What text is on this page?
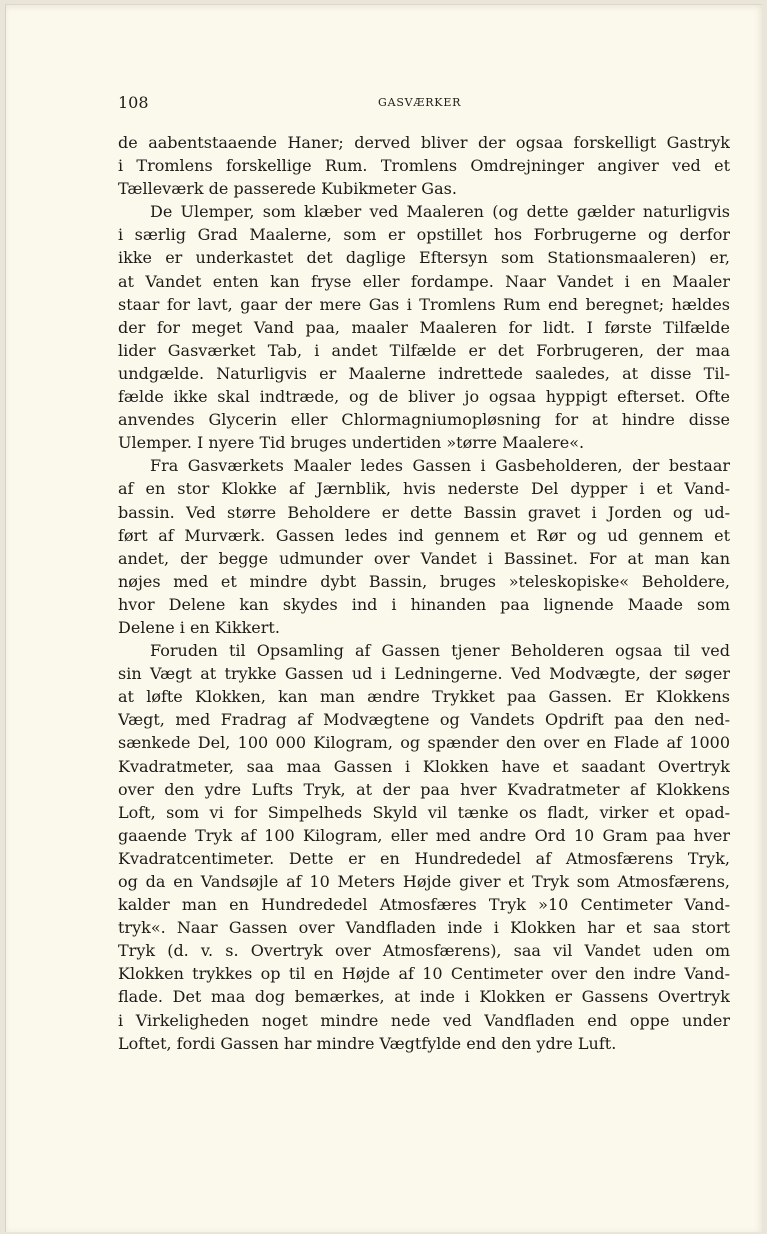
108	GASVÆRKER
de aabentstaaende Haner; derved bliver der ogsaa forskelligt Gastryk
i Tromlens forskellige Rum. Tromlens Omdrejninger angiver ved et
Tælleværk de passerede Kubikmeter Gas.
De Ulemper, som klæber ved Maaleren (og dette gælder naturligvis
i særlig Grad Maalerne, som er opstillet hos Forbrugerne og derfor
ikke er underkastet det daglige Eftersyn som Stationsmaaleren) er,
at Vandet enten kan fryse eller fordampe. Naar Vandet i en Maaler
staar for lavt, gaar der mere Gas i Tromlens Rum end beregnet; hældes
der for meget Vand paa, maaler Maaleren for lidt. I første Tilfælde
lider Gasværket Tab, i andet Tilfælde er det Forbrugeren, der maa
undgælde. Naturligvis er Maalerne indrettede saaledes, at disse Til-
fælde ikke skal indtræde, og de bliver jo ogsaa hyppigt efterset. Ofte
anvendes Glycerin eller Chlormagniumopløsning for at hindre disse
Ulemper. I nyere Tid bruges undertiden »tørre Maalere«.
Fra Gasværkets Maaler ledes Gassen i Gasbeholderen, der bestaar
af en stor Klokke af Jærnblik, hvis nederste Del dypper i et Vand-
bassin. Ved større Beholdere er dette Bassin gravet i Jorden og ud-
ført af Murværk. Gassen ledes ind gennem et Rør og ud gennem et
andet, der begge udmunder over Vandet i Bassinet. For at man kan
nøjes med et mindre dybt Bassin, bruges »teleskopiske« Beholdere,
hvor Delene kan skydes ind i hinanden paa lignende Maade som
Delene i en Kikkert.
Foruden til Opsamling af Gassen tjener Beholderen ogsaa til ved
sin Vægt at trykke Gassen ud i Ledningerne. Ved Modvægte, der søger
at løfte Klokken, kan man ændre Trykket paa Gassen. Er Klokkens
Vægt, med Fradrag af Modvægtene og Vandets Opdrift paa den ned-
sænkede Del, 100 000 Kilogram, og spænder den over en Flade af 1000
Kvadratmeter, saa maa Gassen i Klokken have et saadant Overtryk
over den ydre Lufts Tryk, at der paa hver Kvadratmeter af Klokkens
Loft, som vi for Simpelheds Skyld vil tænke os fladt, virker et opad-
gaaende Tryk af 100 Kilogram, eller med andre Ord 10 Gram paa hver
Kvadratcentimeter. Dette er en Hundrededel af Atmosfærens Tryk,
og da en Vandsøjle af 10 Meters Højde giver et Tryk som Atmosfærens,
kalder man en Hundrededel Atmosfæres Tryk »10 Centimeter Vand-
tryk«. Naar Gassen over Vandfladen inde i Klokken har et saa stort
Tryk (d. v. s. Overtryk over Atmosfærens), saa vil Vandet uden om
Klokken trykkes op til en Højde af 10 Centimeter over den indre Vand-
flade. Det maa dog bemærkes, at inde i Klokken er Gassens Overtryk
i Virkeligheden noget mindre nede ved Vandfladen end oppe under
Loftet, fordi Gassen har mindre Vægtfylde end den ydre Luft.
